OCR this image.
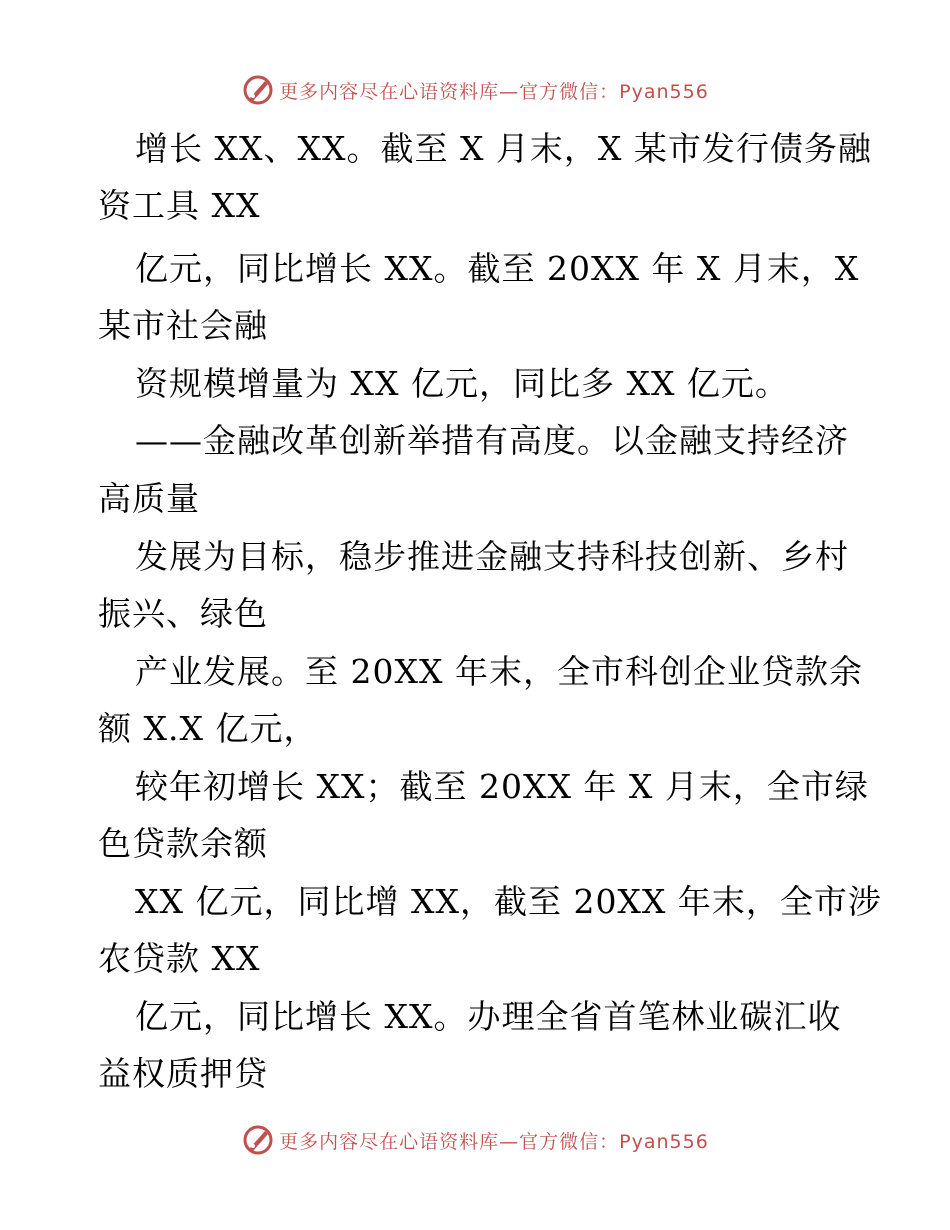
更多内容尽在心语资料库—官方微信：Pyan556
增长 XX、XX。截至 X 月末，X 某市发行债务融
资工具 XX
亿元，同比增长 XX。截至 20XX 年 X 月末，X
某市社会融
资规模增量为 XX 亿元，同比多 XX 亿元。
——金融改革创新举措有高度。以金融支持经济
高质量
发展为目标，稳步推进金融支持科技创新、乡村
振兴、绿色
产业发展。至 20XX 年末，全市科创企业贷款余
额 X.X 亿元，
较年初增长 XX；截至 20XX 年 X 月末，全市绿
色贷款余额
XX 亿元，同比增 XX，截至 20XX 年末，全市涉
农贷款 XX
亿元，同比增长 XX。办理全省首笔林业碳汇收
益权质押贷
更多内容尽在心语资料库—官方微信：Pyan556
